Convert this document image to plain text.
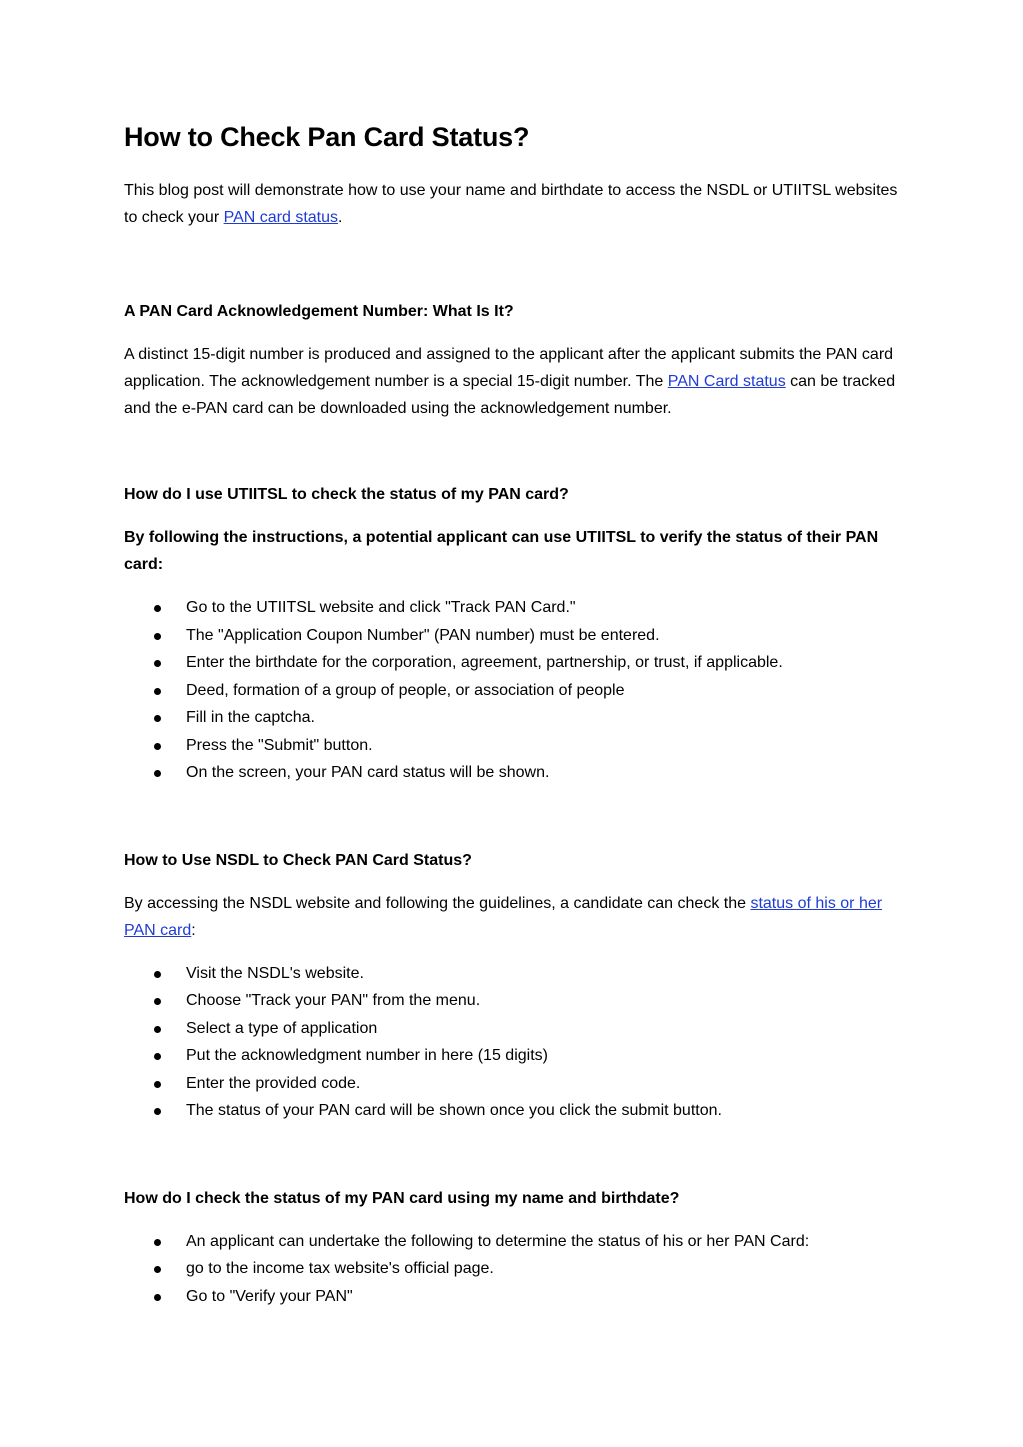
How to Check Pan Card Status?

This blog post will demonstrate how to use your name and birthdate to access the NSDL or UTIITSL websites to check your PAN card status.

A PAN Card Acknowledgement Number: What Is It?

A distinct 15-digit number is produced and assigned to the applicant after the applicant submits the PAN card application. The acknowledgement number is a special 15-digit number. The PAN Card status can be tracked and the e-PAN card can be downloaded using the acknowledgement number.

How do I use UTIITSL to check the status of my PAN card?

By following the instructions, a potential applicant can use UTIITSL to verify the status of their PAN card:

Go to the UTIITSL website and click "Track PAN Card."
The "Application Coupon Number" (PAN number) must be entered.
Enter the birthdate for the corporation, agreement, partnership, or trust, if applicable.
Deed, formation of a group of people, or association of people
Fill in the captcha.
Press the "Submit" button.
On the screen, your PAN card status will be shown.

How to Use NSDL to Check PAN Card Status?

By accessing the NSDL website and following the guidelines, a candidate can check the status of his or her PAN card:

Visit the NSDL's website.
Choose "Track your PAN" from the menu.
Select a type of application
Put the acknowledgment number in here (15 digits)
Enter the provided code.
The status of your PAN card will be shown once you click the submit button.

How do I check the status of my PAN card using my name and birthdate?

An applicant can undertake the following to determine the status of his or her PAN Card:
go to the income tax website's official page.
Go to "Verify your PAN"
